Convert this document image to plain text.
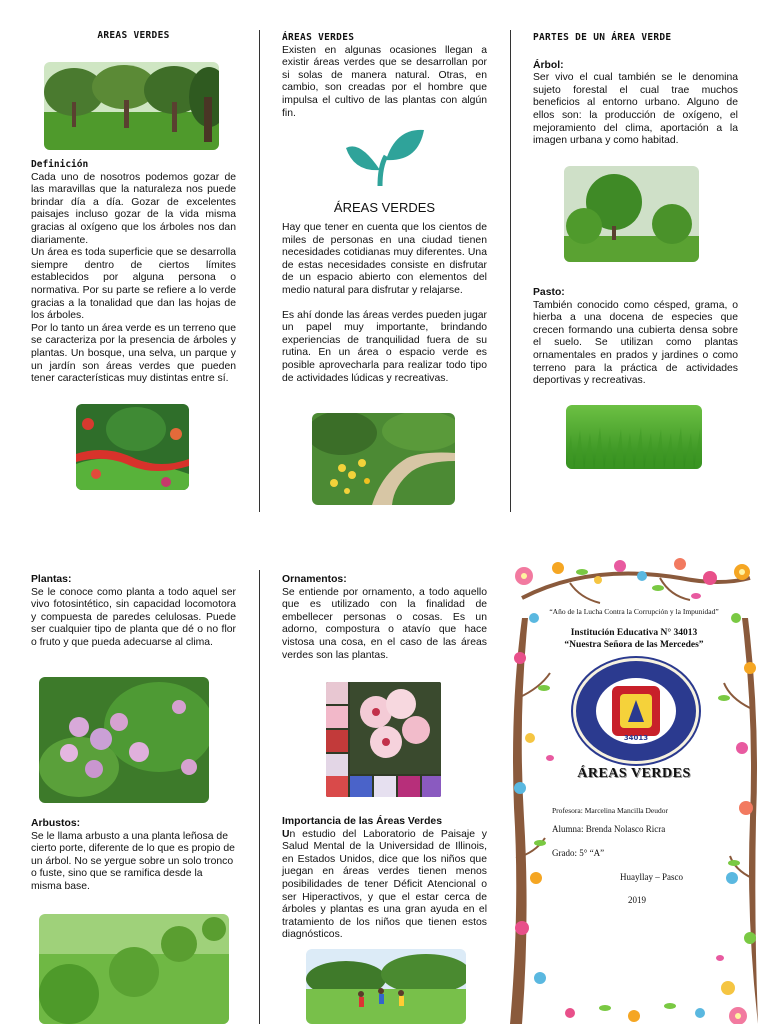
AREAS VERDES
Definición

Cada uno de nosotros podemos gozar de las maravillas que la naturaleza nos puede brindar día a día. Gozar de excelentes paisajes incluso gozar de la vida misma gracias al oxígeno que los árboles nos dan diariamente.

Un área es toda superficie que se desarrolla siempre dentro de ciertos límites establecidos por alguna persona o normativa. Por su parte se refiere a lo verde gracias a la tonalidad que dan las hojas de los árboles.

Por lo tanto un área verde es un terreno que se caracteriza por la presencia de árboles y plantas. Un bosque, una selva, un parque y un jardín son áreas verdes que pueden tener características muy distintas entre sí.

ÁREAS VERDES

Existen en algunas ocasiones llegan a existir áreas verdes que se desarrollan por si solas de manera natural. Otras, en cambio, son creadas por el hombre que impulsa el cultivo de las plantas con algún fin.

ÁREAS VERDES

Hay que tener en cuenta que los cientos de miles de personas en una ciudad tienen necesidades cotidianas muy diferentes. Una de estas necesidades consiste en disfrutar de un espacio abierto con elementos del medio natural para disfrutar y relajarse.

Es ahí donde las áreas verdes pueden jugar un papel muy importante, brindando experiencias de tranquilidad fuera de su rutina. En un área o espacio verde es posible aprovecharla para realizar todo tipo de actividades lúdicas y recreativas.

PARTES DE UN ÁREA VERDE
Árbol:

Ser vivo el cual también se le denomina sujeto forestal el cual trae muchos beneficios al entorno urbano. Alguno de ellos son: la producción de oxígeno, el mejoramiento del clima, aportación a la imagen urbana y como habitad.

Pasto:

También conocido como césped, grama, o hierba a una docena de especies que crecen formando una cubierta densa sobre el suelo. Se utilizan como plantas ornamentales en prados y jardines o como terreno para la práctica de actividades deportivas y recreativas.

Plantas:

Se le conoce como planta a todo aquel ser vivo fotosintético, sin capacidad locomotora y compuesta de paredes celulosas. Puede ser cualquier tipo de planta que dé o no flor o fruto y que pueda adecuarse al clima.

Arbustos:

Se le llama arbusto a una planta leñosa de cierto porte, diferente de lo que es propio de un árbol. No se yergue sobre un solo tronco o fuste, sino que se ramifica desde la misma base.

Ornamentos:

Se entiende por ornamento, a todo aquello que es utilizado con la finalidad de embellecer personas o cosas. Es un adorno, compostura o atavío que hace vistosa una cosa, en el caso de las áreas verdes son las plantas.

Importancia de las Áreas Verdes

Un estudio del Laboratorio de Paisaje y Salud Mental de la Universidad de Illinois, en Estados Unidos, dice que los niños que juegan en áreas verdes tienen menos posibilidades de tener Déficit Atencional o ser Hiperactivos, y que el estar cerca de árboles y plantas es una gran ayuda en el tratamiento de los niños que tienen estos diagnósticos.

“Año de la Lucha Contra la Corrupción y la Impunidad”
Institución Educativa N° 34013
“Nuestra Señora de las Mercedes”
34013
ÁREAS VERDES
Profesora: Marcelina Mancilla Deudor
Alumna: Brenda Nolasco Ricra
Grado: 5° “A”
Huayllay – Pasco
2019
